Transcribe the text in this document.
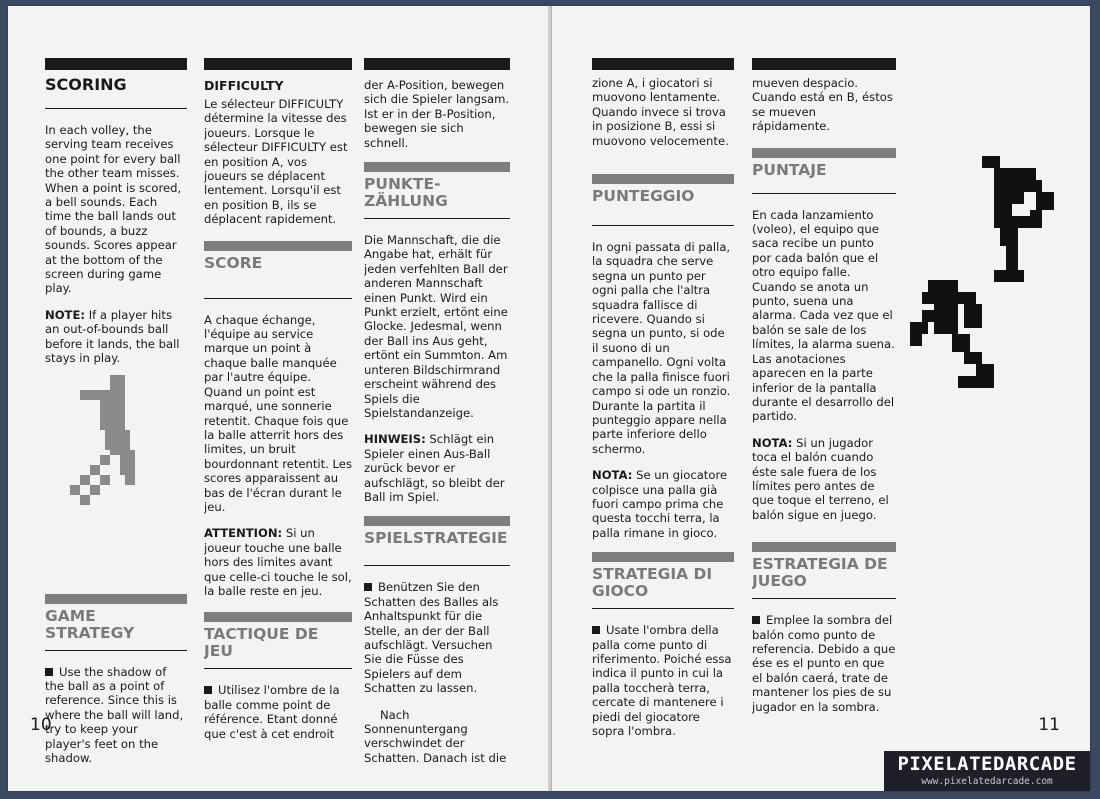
SCORING

In each volley, the serving team receives one point for every ball the other team misses. When a point is scored, a bell sounds. Each time the ball lands out of bounds, a buzz sounds. Scores appear at the bottom of the screen during game play.

NOTE: If a player hits an out-of-bounds ball before it lands, the ball stays in play.

GAME STRATEGY

Use the shadow of the ball as a point of reference. Since this is where the ball will land, try to keep your player's feet on the shadow.

DIFFICULTY

Le sélecteur DIFFICULTY détermine la vitesse des joueurs. Lorsque le sélecteur DIFFICULTY est en position A, vos joueurs se déplacent lentement. Lorsqu'il est en position B, ils se déplacent rapidement.

SCORE

A chaque échange, l'équipe au service marque un point à chaque balle manquée par l'autre équipe. Quand un point est marqué, une sonnerie retentit. Chaque fois que la balle atterrit hors des limites, un bruit bourdonnant retentit. Les scores apparaissent au bas de l'écran durant le jeu.

ATTENTION: Si un joueur touche une balle hors des limites avant que celle-ci touche le sol, la balle reste en jeu.

TACTIQUE DE JEU

Utilisez l'ombre de la balle comme point de référence. Etant donné que c'est à cet endroit

der A-Position, bewegen sich die Spieler langsam. Ist er in der B-Position, bewegen sie sich schnell.

PUNKTE-ZÄHLUNG

Die Mannschaft, die die Angabe hat, erhält für jeden verfehlten Ball der anderen Mannschaft einen Punkt. Wird ein Punkt erzielt, ertönt eine Glocke. Jedesmal, wenn der Ball ins Aus geht, ertönt ein Summton. Am unteren Bildschirmrand erscheint während des Spiels die Spielstandanzeige.

HINWEIS: Schlägt ein Spieler einen Aus-Ball zurück bevor er aufschlägt, so bleibt der Ball im Spiel.

SPIELSTRATEGIE

Benützen Sie den Schatten des Balles als Anhaltspunkt für die Stelle, an der der Ball aufschlägt. Versuchen Sie die Füsse des Spielers auf dem Schatten zu lassen.

Nach Sonnenuntergang verschwindet der Schatten. Danach ist die

10

zione A, i giocatori si muovono lentamente. Quando invece si trova in posizione B, essi si muovono velocemente.

PUNTEGGIO

In ogni passata di palla, la squadra che serve segna un punto per ogni palla che l'altra squadra fallisce di ricevere. Quando si segna un punto, si ode il suono di un campanello. Ogni volta che la palla finisce fuori campo si ode un ronzio. Durante la partita il punteggio appare nella parte inferiore dello schermo.

NOTA: Se un giocatore colpisce una palla già fuori campo prima che questa tocchi terra, la palla rimane in gioco.

STRATEGIA DI GIOCO

Usate l'ombra della palla come punto di riferimento. Poiché essa indica il punto in cui la palla toccherà terra, cercate di mantenere i piedi del giocatore sopra l'ombra.

mueven despacio. Cuando está en B, éstos se mueven rápidamente.

PUNTAJE

En cada lanzamiento (voleo), el equipo que saca recibe un punto por cada balón que el otro equipo falle. Cuando se anota un punto, suena una alarma. Cada vez que el balón se sale de los límites, la alarma suena. Las anotaciones aparecen en la parte inferior de la pantalla durante el desarrollo del partido.

NOTA: Si un jugador toca el balón cuando éste sale fuera de los límites pero antes de que toque el terreno, el balón sigue en juego.

ESTRATEGIA DE JUEGO

Emplee la sombra del balón como punto de referencia. Debido a que ése es el punto en que el balón caerá, trate de mantener los pies de su jugador en la sombra.

11
PIXELATEDARCADE
www.pixelatedarcade.com
